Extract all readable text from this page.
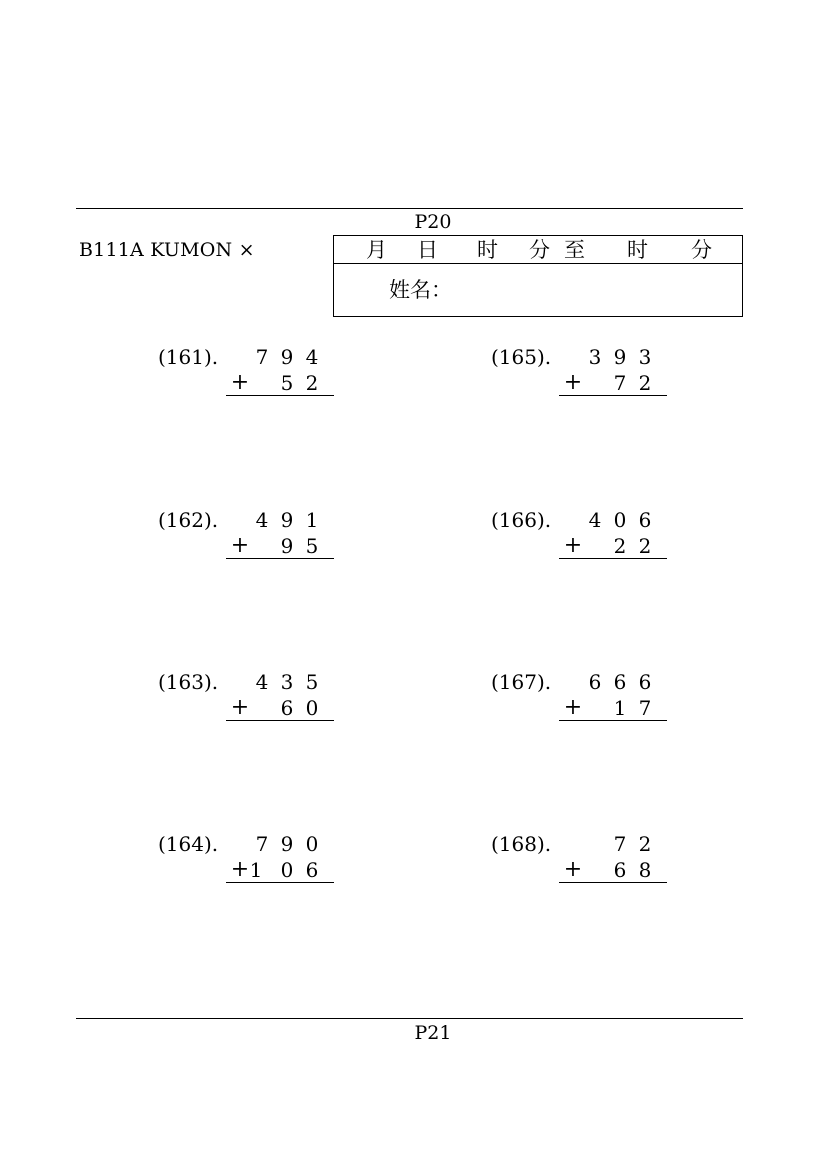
P20
B111A KUMON ⨯	月 日 时 分 至 时 分
姓名：
(161). 7 9 4
+ 5 2
(162). 4 9 1
+ 9 5
(163). 4 3 5
+ 6 0
(164). 7 9 0
+ 1 0 6
(165). 3 9 3
+ 7 2
(166). 4 0 6
+ 2 2
(167). 6 6 6
+ 1 7
(168).	7 2
+ 6 8
P21
